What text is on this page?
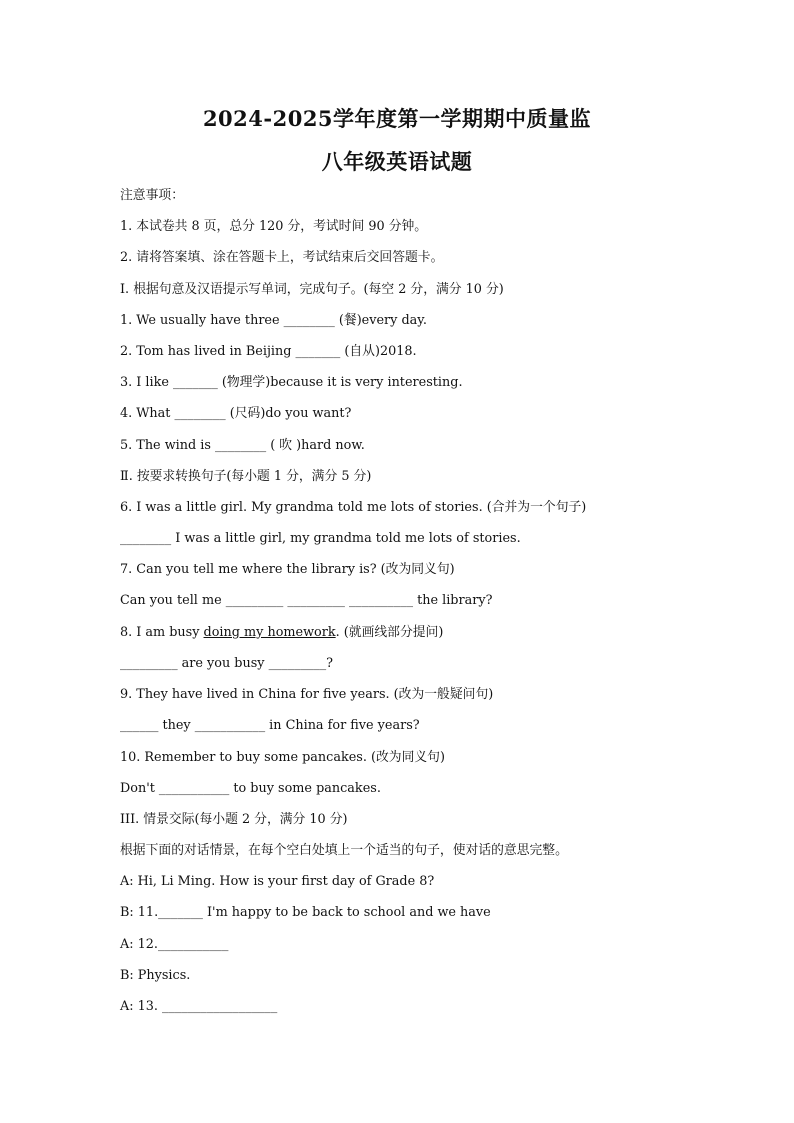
2024-2025学年度第一学期期中质量监
八年级英语试题
注意事项：
1. 本试卷共 8 页，总分 120 分，考试时间 90 分钟。
2. 请将答案填、涂在答题卡上，考试结束后交回答题卡。
I. 根据句意及汉语提示写单词，完成句子。(每空 2 分，满分 10 分)
1. We usually have three ________ (餐)every day.
2. Tom has lived in Beijing _______ (自从)2018.
3. I like _______ (物理学)because it is very interesting.
4. What ________ (尺码)do you want?
5. The wind is ________ ( 吹 )hard now.
Ⅱ. 按要求转换句子(每小题 1 分，满分 5 分)
6. I was a little girl. My grandma told me lots of stories. (合并为一个句子)
________ I was a little girl, my grandma told me lots of stories.
7. Can you tell me where the library is? (改为同义句)
Can you tell me _________ _________ __________ the library?
8. I am busy doing my homework. (就画线部分提问)
_________ are you busy _________?
9. They have lived in China for five years. (改为一般疑问句)
______ they ___________ in China for five years?
10. Remember to buy some pancakes. (改为同义句)
Don't ___________ to buy some pancakes.
III. 情景交际(每小题 2 分，满分 10 分)
根据下面的对话情景，在每个空白处填上一个适当的句子，使对话的意思完整。
A: Hi, Li Ming. How is your first day of Grade 8?
B: 11._______ I'm happy to be back to school and we have
A: 12.___________
B: Physics.
A: 13. __________________
